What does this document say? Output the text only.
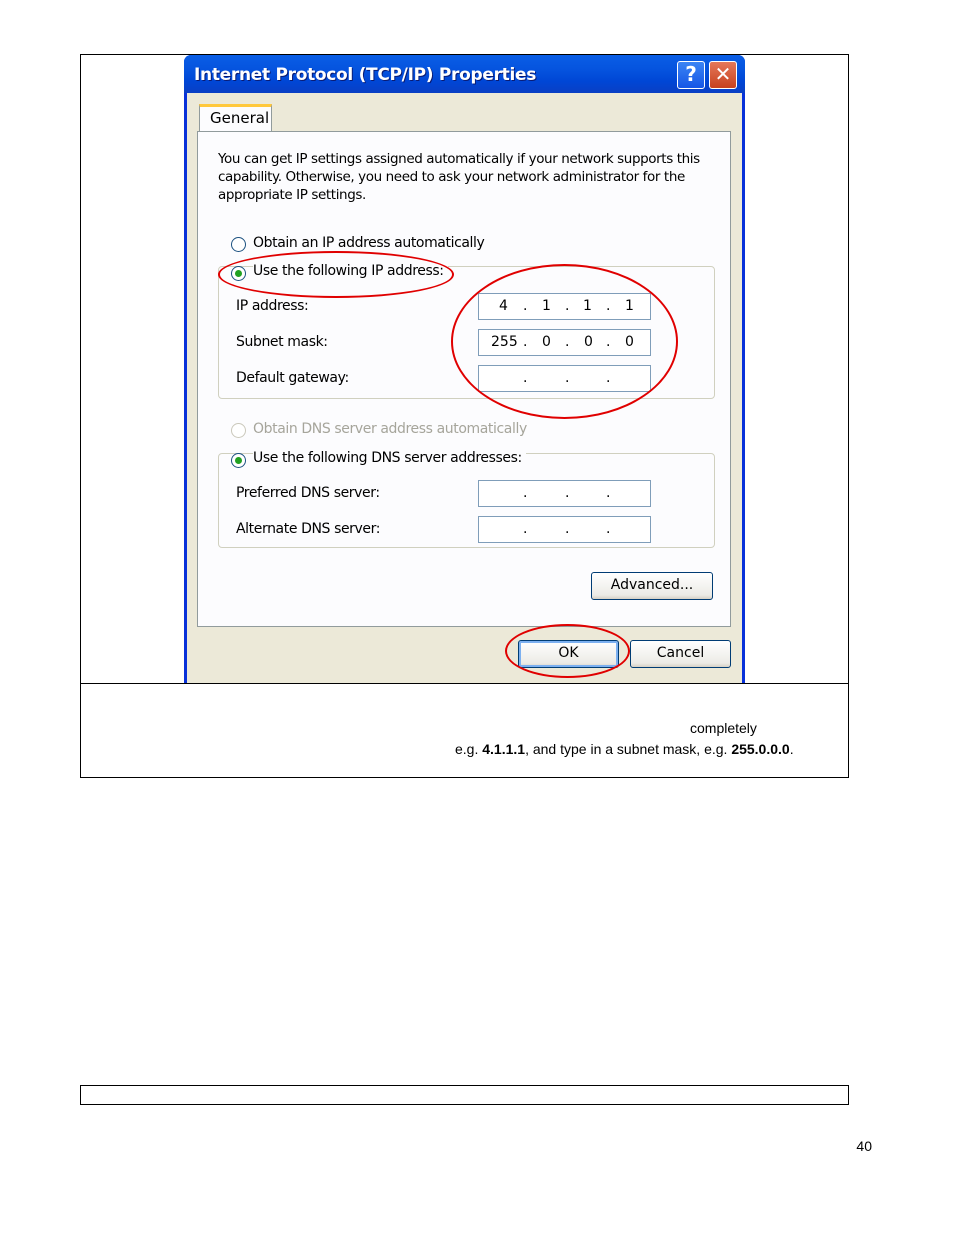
Internet Protocol (TCP/IP) Properties	? ✕
General
You can get IP settings assigned automatically if your network supports this capability. Otherwise, you need to ask your network administrator for the appropriate IP settings.
Obtain an IP address automatically
Use the following IP address:
IP address:	4 . 1 . 1 . 1
Subnet mask:	255 . 0 . 0 . 0
Default gateway:	.	.	.
Obtain DNS server address automatically
Use the following DNS server addresses:
Preferred DNS server:	.	.	.
Alternate DNS server:	.	.	.
Advanced...
OK	Cancel
completely
e.g. 4.1.1.1, and type in a subnet mask, e.g. 255.0.0.0.
40
